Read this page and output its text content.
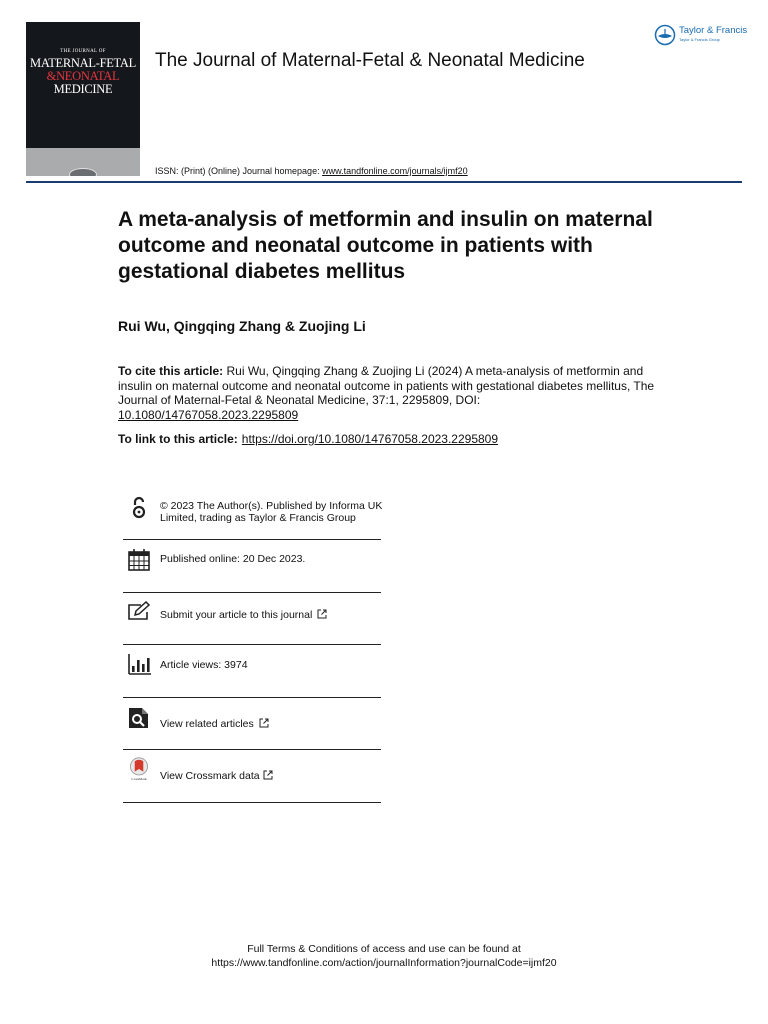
THE JOURNAL OF
MATERNAL-FETAL
&NEONATAL
MEDICINE
The Journal of Maternal-Fetal & Neonatal Medicine
Taylor & Francis
Taylor & Francis Group
ISSN: (Print) (Online) Journal homepage: www.tandfonline.com/journals/ijmf20
A meta-analysis of metformin and insulin on maternal outcome and neonatal outcome in patients with gestational diabetes mellitus
Rui Wu, Qingqing Zhang & Zuojing Li
To cite this article: Rui Wu, Qingqing Zhang & Zuojing Li (2024) A meta-analysis of metformin and insulin on maternal outcome and neonatal outcome in patients with gestational diabetes mellitus, The Journal of Maternal-Fetal & Neonatal Medicine, 37:1, 2295809, DOI: 10.1080/14767058.2023.2295809
To link to this article: https://doi.org/10.1080/14767058.2023.2295809
© 2023 The Author(s). Published by Informa UK Limited, trading as Taylor & Francis Group
Published online: 20 Dec 2023.
Submit your article to this journal
Article views: 3974
View related articles
CrossMark View Crossmark data
Full Terms & Conditions of access and use can be found at
https://www.tandfonline.com/action/journalInformation?journalCode=ijmf20
